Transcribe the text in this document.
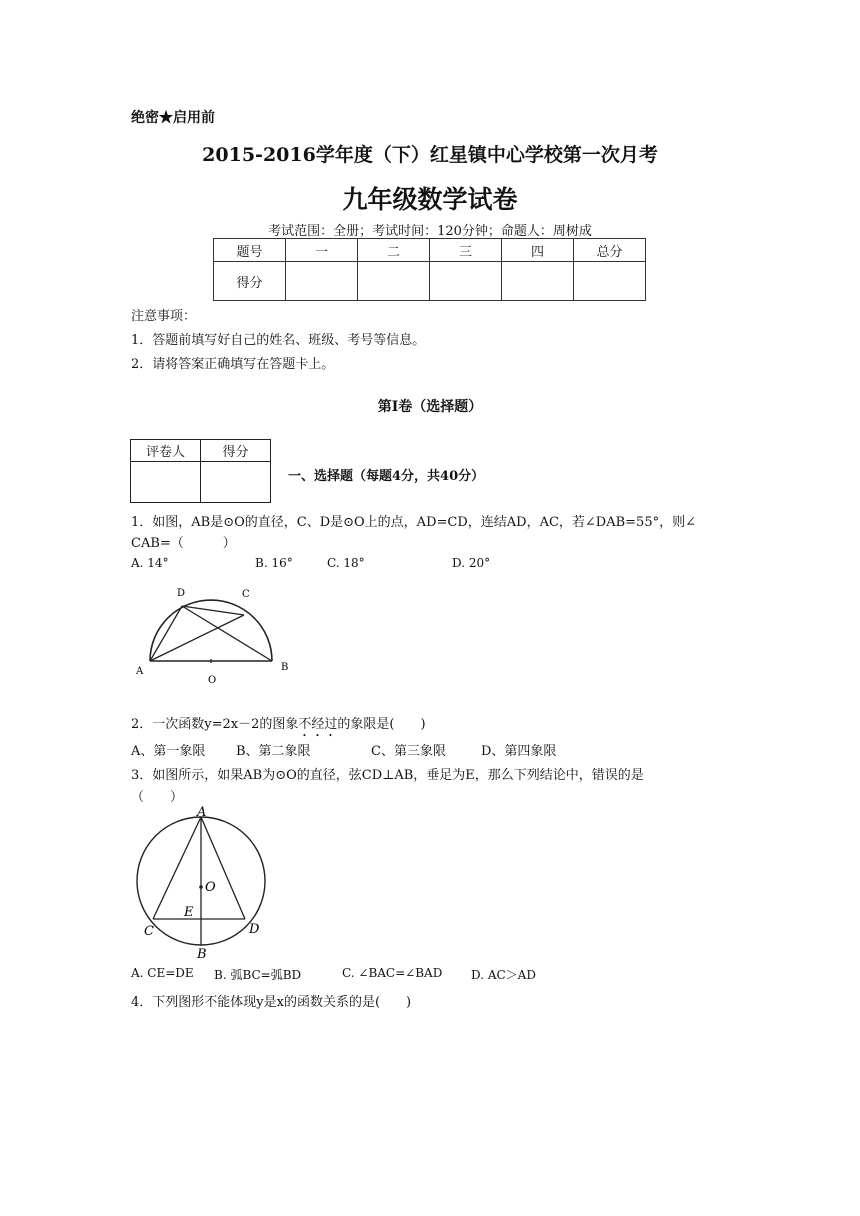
绝密★启用前
2015-2016学年度（下）红星镇中心学校第一次月考
九年级数学试卷
考试范围：全册；考试时间：120分钟；命题人：周树成
题号	一	二	三	四	总分
得分					
注意事项：
1．答题前填写好自己的姓名、班级、考号等信息。
2．请将答案正确填写在答题卡上。
第Ⅰ卷（选择题）
评卷人	得分

一、选择题（每题4分，共40分）
1．如图，AB是⊙O的直径，C、D是⊙O上的点，AD=CD，连结AD，AC，若∠DAB=55°，则∠
CAB=（　　　）
A. 14°	B. 16°	C. 18°	D. 20°
A	B
C
D
O
2．一次函数y=2x－2的图象不经过的象限是(　　)
A、第一象限 B、第二象限	C、第三象限	D、第四象限
3．如图所示，如果AB为⊙O的直径，弦CD⊥AB，垂足为E，那么下列结论中，错误的是
（　　）
A
B
C	D
E
O
A. CE=DE B. 弧BC=弧BD	C. ∠BAC=∠BAD D. AC＞AD
4．下列图形不能体现y是x的函数关系的是(　　)
